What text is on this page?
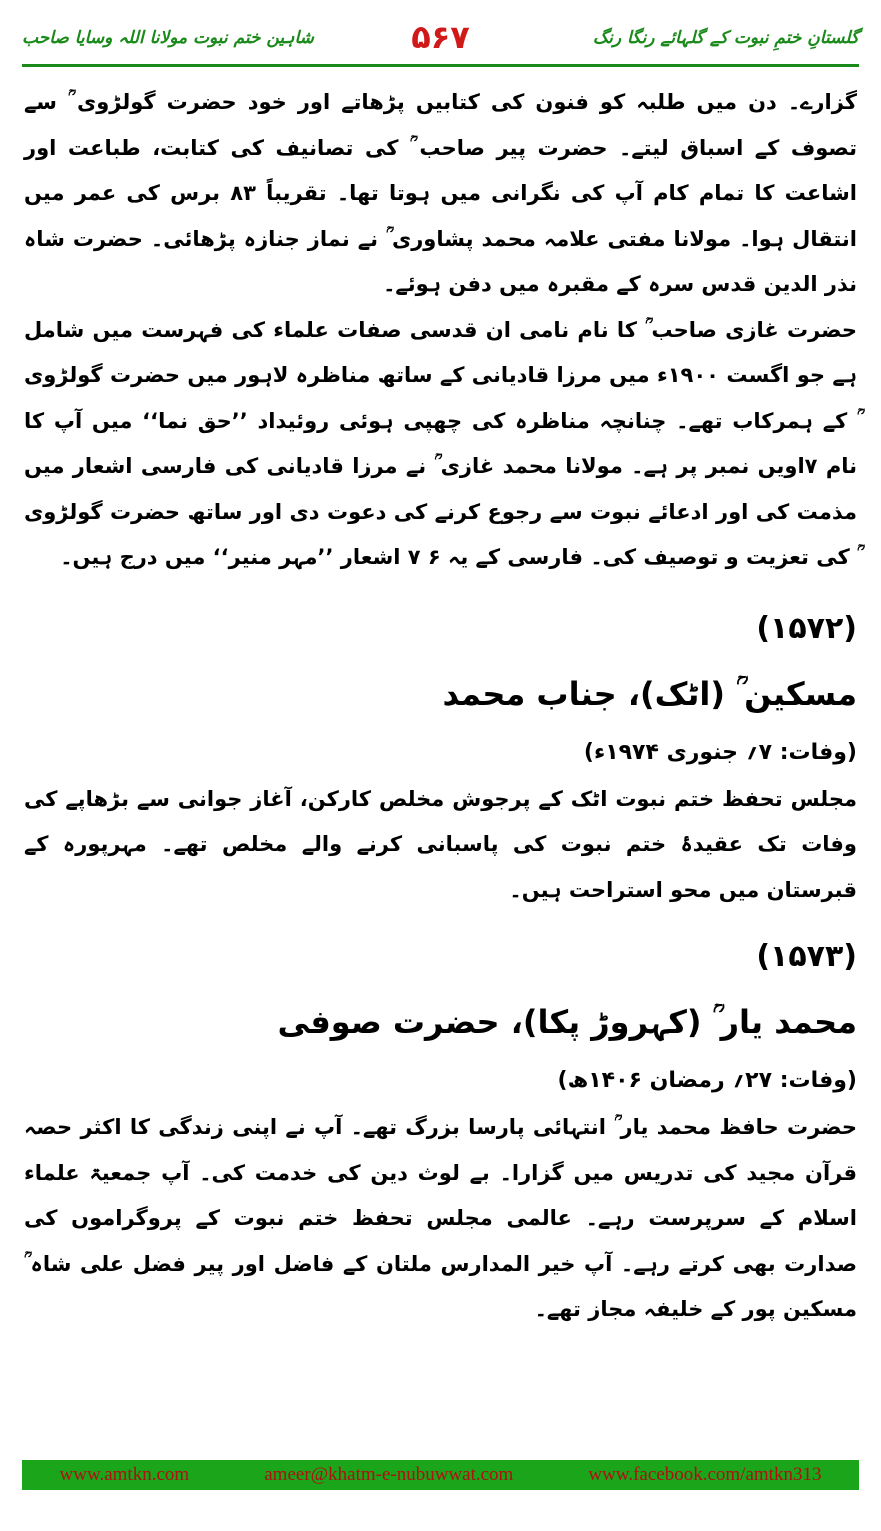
شاہین ختم نبوت مولانا اللہ وسایا صاحب	۵۶۷	گلستانِ ختمِ نبوت کے گلہائے رنگا رنگ

گزارے۔ دن میں طلبہ کو فنون کی کتابیں پڑھاتے اور خود حضرت گولڑوی ؒ سے تصوف کے اسباق لیتے۔ حضرت پیر صاحب ؒ کی تصانیف کی کتابت، طباعت اور اشاعت کا تمام کام آپ کی نگرانی میں ہوتا تھا۔ تقریباً ۸۳ برس کی عمر میں انتقال ہوا۔ مولانا مفتی علامہ محمد پشاوری ؒ نے نماز جنازہ پڑھائی۔ حضرت شاہ نذر الدین قدس سرہ کے مقبرہ میں دفن ہوئے۔

حضرت غازی صاحب ؒ کا نام نامی ان قدسی صفات علماء کی فہرست میں شامل ہے جو اگست ۱۹۰۰ء میں مرزا قادیانی کے ساتھ مناظرہ لاہور میں حضرت گولڑوی ؒ کے ہمرکاب تھے۔ چنانچہ مناظرہ کی چھپی ہوئی روئیداد ’’حق نما‘‘ میں آپ کا نام ۷اویں نمبر پر ہے۔ مولانا محمد غازی ؒ نے مرزا قادیانی کی فارسی اشعار میں مذمت کی اور ادعائے نبوت سے رجوع کرنے کی دعوت دی اور ساتھ حضرت گولڑوی ؒ کی تعزیت و توصیف کی۔ فارسی کے یہ ۶ ۷ اشعار ’’مہر منیر‘‘ میں درج ہیں۔

(۱۵۷۲)

مسکین ؒ (اٹک)، جناب محمد

(وفات: ۷؍ جنوری ۱۹۷۴ء)

مجلس تحفظ ختم نبوت اٹک کے پرجوش مخلص کارکن، آغاز جوانی سے بڑھاپے کی وفات تک عقیدۂ ختم نبوت کی پاسبانی کرنے والے مخلص تھے۔ مہرپورہ کے قبرستان میں محو استراحت ہیں۔

(۱۵۷۳)

محمد یار ؒ (کہروڑ پکا)، حضرت صوفی

(وفات: ۲۷؍ رمضان ۱۴۰۶ھ)

حضرت حافظ محمد یار ؒ انتہائی پارسا بزرگ تھے۔ آپ نے اپنی زندگی کا اکثر حصہ قرآن مجید کی تدریس میں گزارا۔ بے لوث دین کی خدمت کی۔ آپ جمعیۃ علماء اسلام کے سرپرست رہے۔ عالمی مجلس تحفظ ختم نبوت کے پروگراموں کی صدارت بھی کرتے رہے۔ آپ خیر المدارس ملتان کے فاضل اور پیر فضل علی شاہ ؒ مسکین پور کے خلیفہ مجاز تھے۔

www.amtkn.com	ameer@khatm-e-nubuwwat.com	www.facebook.com/amtkn313
